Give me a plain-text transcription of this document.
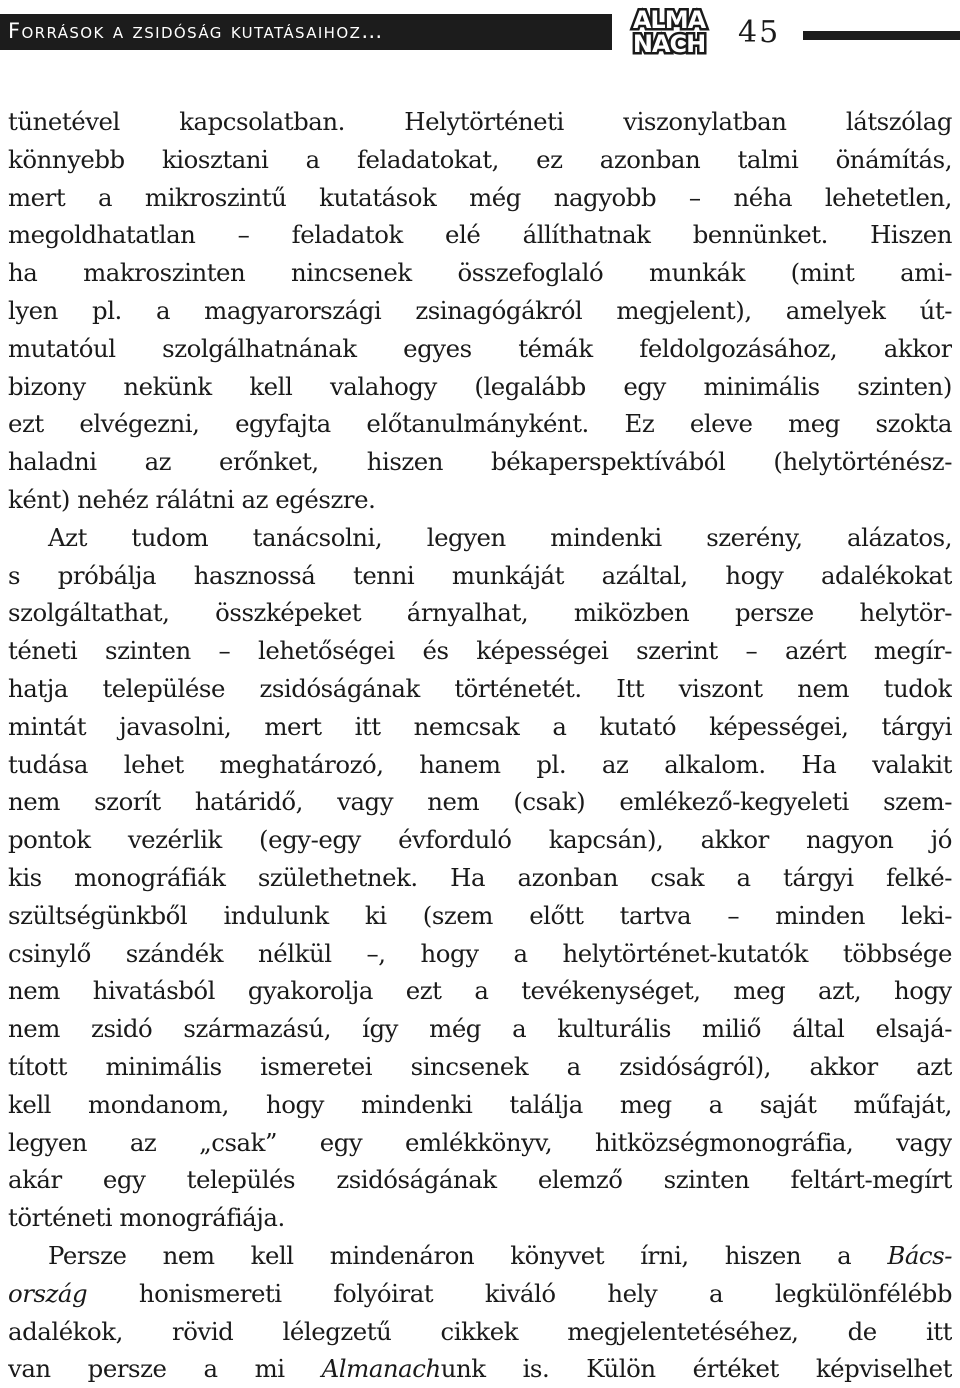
Források a zsidóság kutatásaihoz…	ALMA
NACH 45
tünetével kapcsolatban. Helytörténeti viszonylatban látszólag
könnyebb kiosztani a feladatokat, ez azonban talmi önámítás,
mert a mikroszintű kutatások még nagyobb – néha lehetetlen,
megoldhatatlan – feladatok elé állíthatnak bennünket. Hiszen
ha makroszinten nincsenek összefoglaló munkák (mint ami-
lyen pl. a magyarországi zsinagógákról megjelent), amelyek út-
mutatóul szolgálhatnának egyes témák feldolgozásához, akkor
bizony nekünk kell valahogy (legalább egy minimális szinten)
ezt elvégezni, egyfajta előtanulmányként. Ez eleve meg szokta
haladni az erőnket, hiszen békaperspektívából (helytörténész-
ként) nehéz rálátni az egészre.
Azt tudom tanácsolni, legyen mindenki szerény, alázatos,
s próbálja hasznossá tenni munkáját azáltal, hogy adalékokat
szolgáltathat, összképeket árnyalhat, miközben persze helytör-
téneti szinten – lehetőségei és képességei szerint – azért megír-
hatja települése zsidóságának történetét. Itt viszont nem tudok
mintát javasolni, mert itt nemcsak a kutató képességei, tárgyi
tudása lehet meghatározó, hanem pl. az alkalom. Ha valakit
nem szorít határidő, vagy nem (csak) emlékező-kegyeleti szem-
pontok vezérlik (egy-egy évforduló kapcsán), akkor nagyon jó
kis monográfiák születhetnek. Ha azonban csak a tárgyi felké-
szültségünkből indulunk ki (szem előtt tartva – minden leki-
csinylő szándék nélkül –, hogy a helytörténet-kutatók többsége
nem hivatásból gyakorolja ezt a tevékenységet, meg azt, hogy
nem zsidó származású, így még a kulturális miliő által elsajá-
tított minimális ismeretei sincsenek a zsidóságról), akkor azt
kell mondanom, hogy mindenki találja meg a saját műfaját,
legyen az „csak” egy emlékkönyv, hitközségmonográfia, vagy
akár egy település zsidóságának elemző szinten feltárt-megírt
történeti monográfiája.
Persze nem kell mindenáron könyvet írni, hiszen a Bács-
ország honismereti folyóirat kiváló hely a legkülönfélébb
adalékok, rövid lélegzetű cikkek megjelentetéséhez, de itt
van persze a mi Almanachunk is. Külön értéket képviselhet
